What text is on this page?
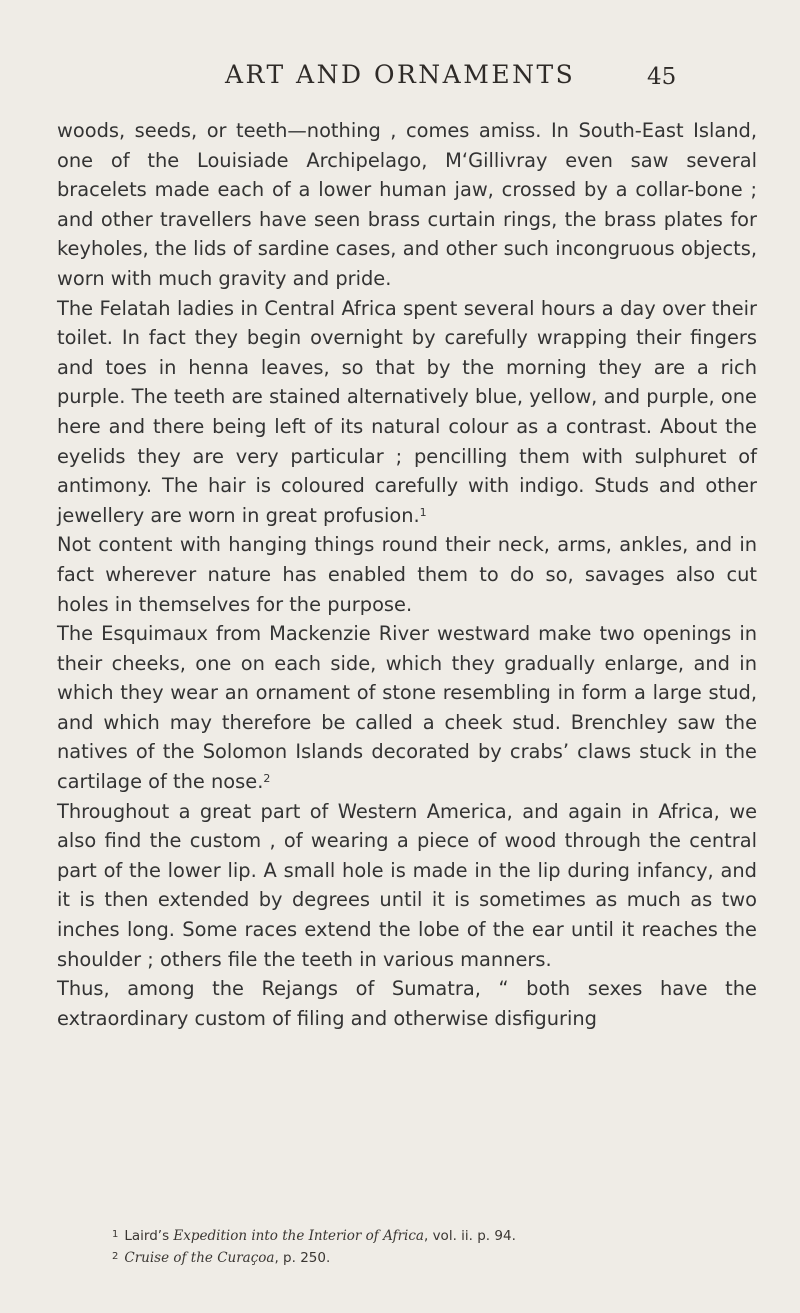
ART AND ORNAMENTS	45

woods, seeds, or teeth—nothing , comes amiss. In South-East Island, one of the Louisiade Archipelago, M‘Gillivray even saw several bracelets made each of a lower human jaw, crossed by a collar-bone ; and other travellers have seen brass curtain rings, the brass plates for keyholes, the lids of sardine cases, and other such incongruous objects, worn with much gravity and pride.

The Felatah ladies in Central Africa spent several hours a day over their toilet. In fact they begin overnight by carefully wrapping their fingers and toes in henna leaves, so that by the morning they are a rich purple. The teeth are stained alternatively blue, yellow, and purple, one here and there being left of its natural colour as a contrast. About the eyelids they are very particular ; pencilling them with sulphuret of antimony. The hair is coloured carefully with indigo. Studs and other jewellery are worn in great profusion.$^1$

Not content with hanging things round their neck, arms, ankles, and in fact wherever nature has enabled them to do so, savages also cut holes in themselves for the purpose.

The Esquimaux from Mackenzie River westward make two openings in their cheeks, one on each side, which they gradually enlarge, and in which they wear an ornament of stone resembling in form a large stud, and which may therefore be called a cheek stud. Brenchley saw the natives of the Solomon Islands decorated by crabs’ claws stuck in the cartilage of the nose.$^2$

Throughout a great part of Western America, and again in Africa, we also find the custom , of wearing a piece of wood through the central part of the lower lip. A small hole is made in the lip during infancy, and it is then extended by degrees until it is sometimes as much as two inches long. Some races extend the lobe of the ear until it reaches the shoulder ; others file the teeth in various manners.

Thus, among the Rejangs of Sumatra, “ both sexes have the extraordinary custom of filing and otherwise disfiguring

$^1$ Laird’s Expedition into the Interior of Africa, vol. ii. p. 94.

$^2$ Cruise of the Curaçoa, p. 250.
